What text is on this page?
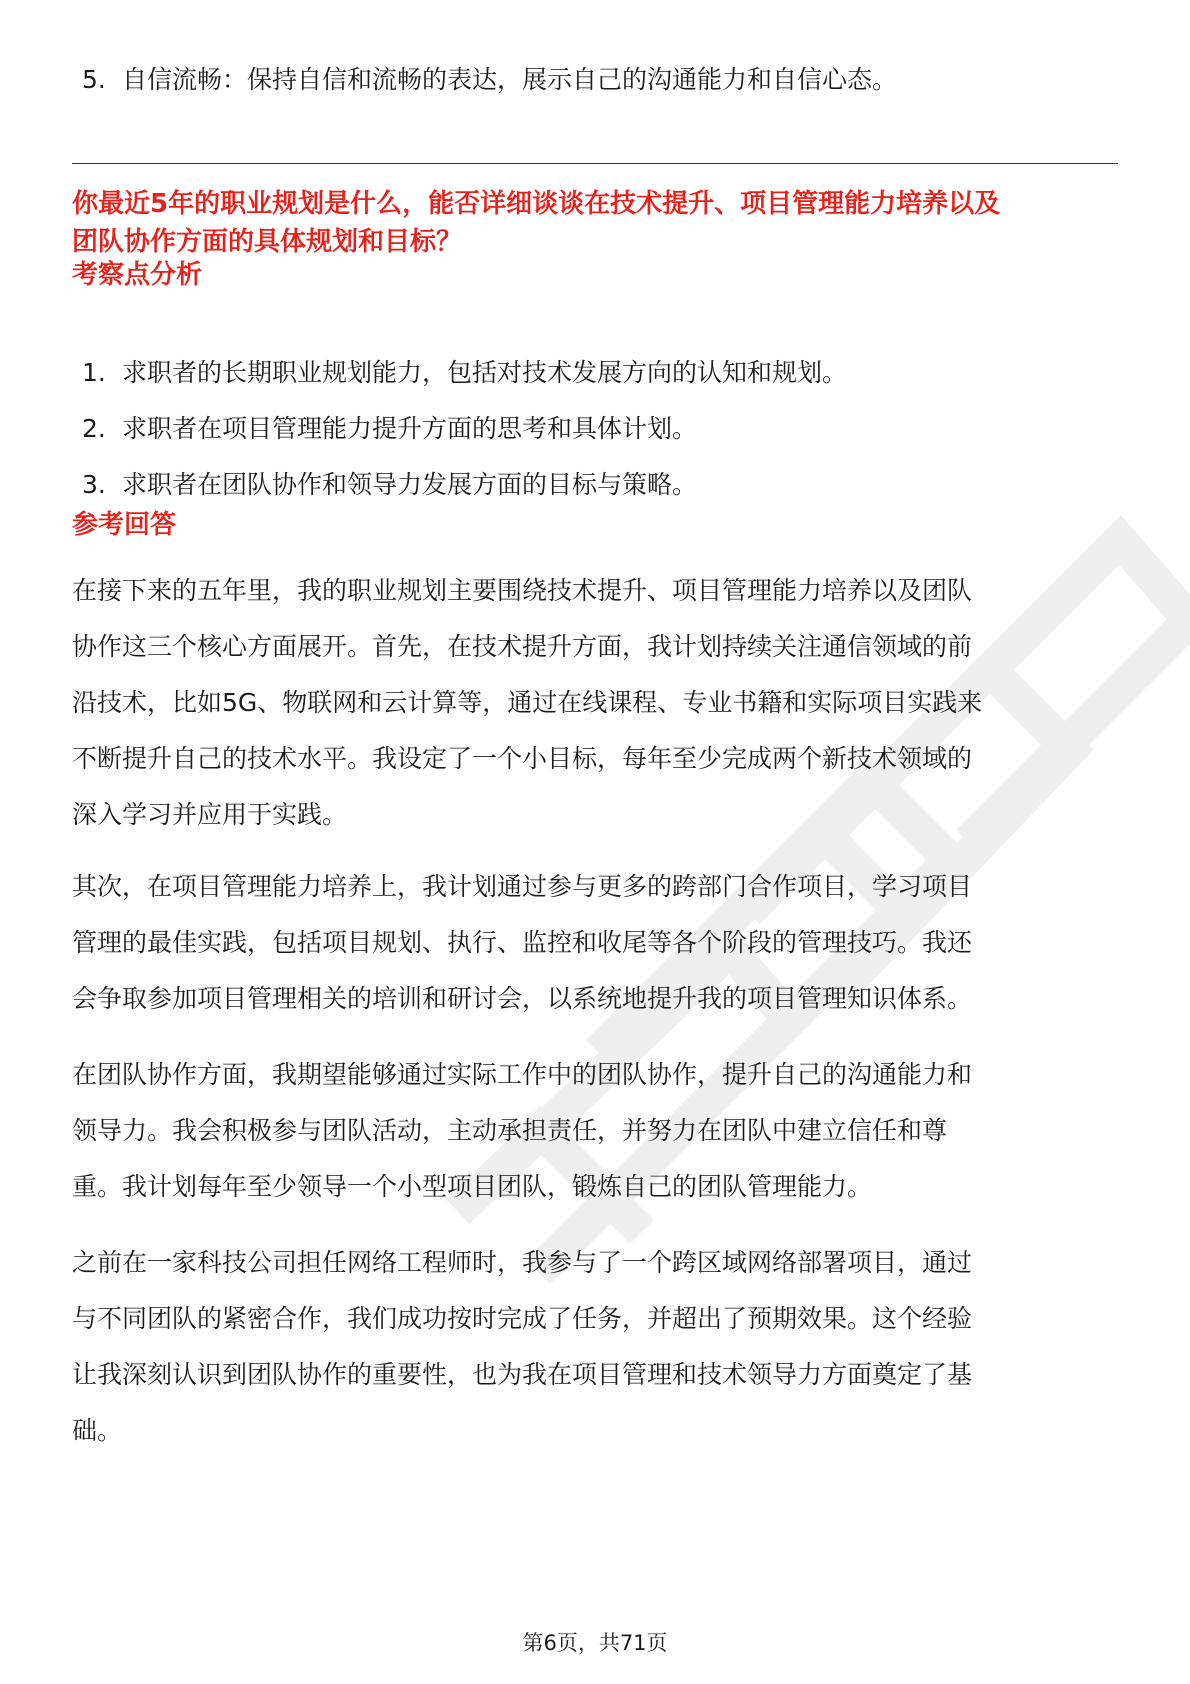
5. 自信流畅：保持自信和流畅的表达，展示自己的沟通能力和自信心态。
你最近5年的职业规划是什么，能否详细谈谈在技术提升、项目管理能力培养以及
团队协作方面的具体规划和目标？
考察点分析
1. 求职者的长期职业规划能力，包括对技术发展方向的认知和规划。
2. 求职者在项目管理能力提升方面的思考和具体计划。
3. 求职者在团队协作和领导力发展方面的目标与策略。
参考回答
在接下来的五年里，我的职业规划主要围绕技术提升、项目管理能力培养以及团队
协作这三个核心方面展开。首先，在技术提升方面，我计划持续关注通信领域的前
沿技术，比如5G、物联网和云计算等，通过在线课程、专业书籍和实际项目实践来
不断提升自己的技术水平。我设定了一个小目标，每年至少完成两个新技术领域的
深入学习并应用于实践。
其次，在项目管理能力培养上，我计划通过参与更多的跨部门合作项目，学习项目
管理的最佳实践，包括项目规划、执行、监控和收尾等各个阶段的管理技巧。我还
会争取参加项目管理相关的培训和研讨会，以系统地提升我的项目管理知识体系。
在团队协作方面，我期望能够通过实际工作中的团队协作，提升自己的沟通能力和
领导力。我会积极参与团队活动，主动承担责任，并努力在团队中建立信任和尊
重。我计划每年至少领导一个小型项目团队，锻炼自己的团队管理能力。
之前在一家科技公司担任网络工程师时，我参与了一个跨区域网络部署项目，通过
与不同团队的紧密合作，我们成功按时完成了任务，并超出了预期效果。这个经验
让我深刻认识到团队协作的重要性，也为我在项目管理和技术领导力方面奠定了基
础。
第6页，共71页
